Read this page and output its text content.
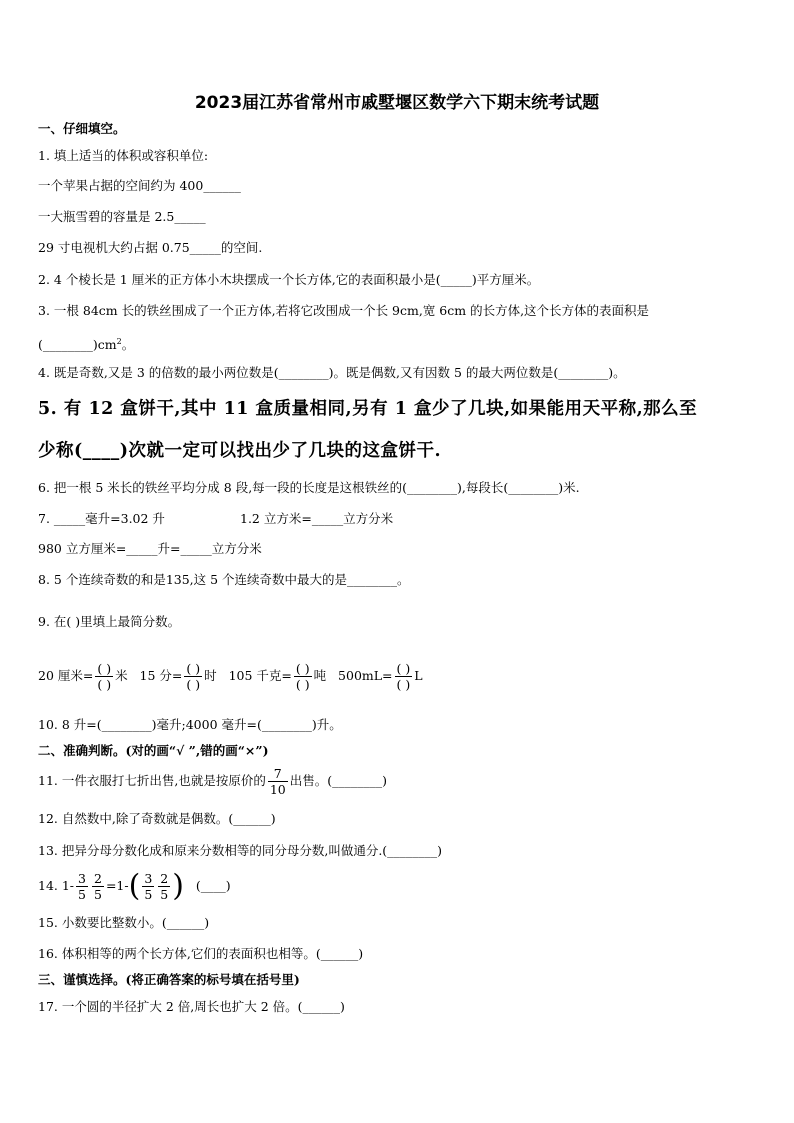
2023届江苏省常州市戚墅堰区数学六下期末统考试题
一、仔细填空。
1. 填上适当的体积或容积单位:
一个苹果占据的空间约为 400______
一大瓶雪碧的容量是 2.5_____
29 寸电视机大约占据 0.75_____的空间.
2. 4 个棱长是 1 厘米的正方体小木块摆成一个长方体,它的表面积最小是(_____)平方厘米。
3. 一根 84cm 长的铁丝围成了一个正方体,若将它改围成一个长 9cm,宽 6cm 的长方体,这个长方体的表面积是
$(\_\_\_\_\_\_\_\_)cm^2$。
4. 既是奇数,又是 3 的倍数的最小两位数是(________)。既是偶数,又有因数 5 的最大两位数是(________)。
5. 有 12 盒饼干,其中 11 盒质量相同,另有 1 盒少了几块,如果能用天平称,那么至
少称(____)次就一定可以找出少了几块的这盒饼干.
6. 把一根 5 米长的铁丝平均分成 8 段,每一段的长度是这根铁丝的(________),每段长(________)米.
7. _____毫升=3.02 升	1.2 立方米=_____立方分米
980 立方厘米=_____升=_____立方分米
8. 5 个连续奇数的和是135,这 5 个连续奇数中最大的是________。
9. 在( )里填上最简分数。
20 厘米= $\frac{( )}{( )}$ 米 15 分= $\frac{( )}{( )}$ 时 105 千克= $\frac{( )}{( )}$ 吨 $500mL= \frac{( )}{( )}$ L
10. 8 升=(________)毫升;4000 毫升=(________)升。
二、准确判断。(对的画“√ ”,错的画“×”)
11. 一件衣服打七折出售,也就是按原价的 $\frac{7}{10}$ 出售。(________)
12. 自然数中,除了奇数就是偶数。(______)
13. 把异分母分数化成和原来分数相等的同分母分数,叫做通分.(________)
14. $1- \frac{3}{5} \frac{2}{5} =1-( \frac{3}{5} \frac{2}{5}$ ) (____)
15. 小数要比整数小。(______)
16. 体积相等的两个长方体,它们的表面积也相等。(______)
三、谨慎选择。(将正确答案的标号填在括号里)
17. 一个圆的半径扩大 2 倍,周长也扩大 2 倍。(______)
